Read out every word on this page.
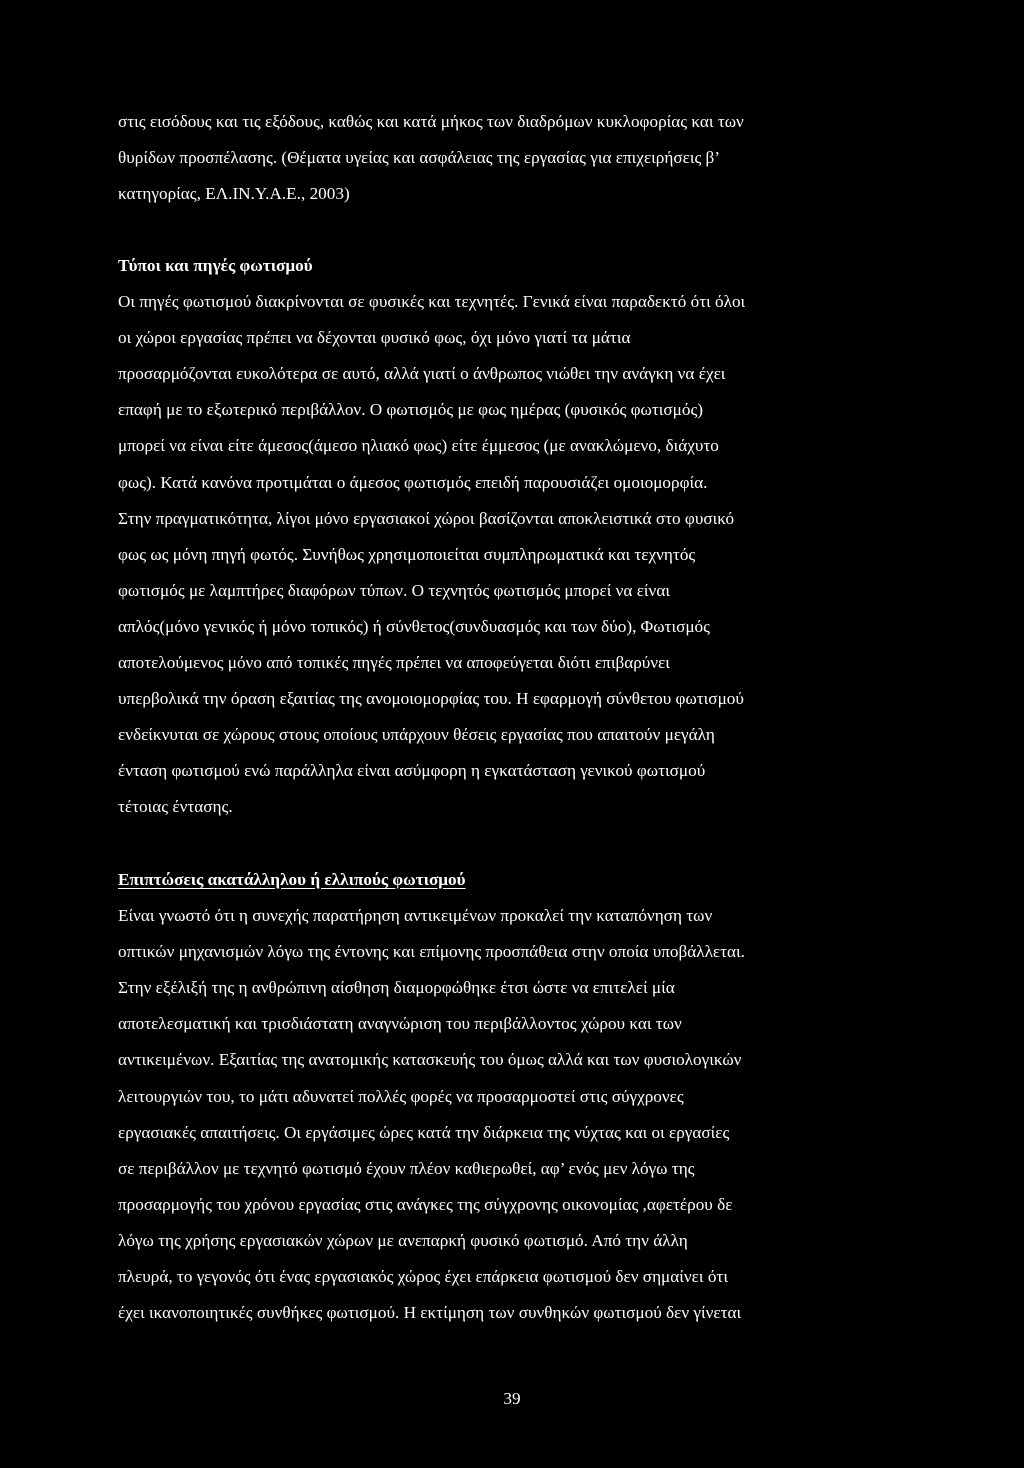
στις εισόδους και τις εξόδους, καθώς και κατά μήκος των διαδρόμων κυκλοφορίας και των
θυρίδων προσπέλασης. (Θέματα υγείας και ασφάλειας της εργασίας για επιχειρήσεις β’
κατηγορίας, ΕΛ.ΙΝ.Υ.Α.Ε., 2003)
Τύποι και πηγές φωτισμού
Οι πηγές φωτισμού διακρίνονται σε φυσικές και τεχνητές. Γενικά είναι παραδεκτό ότι όλοι
οι χώροι εργασίας πρέπει να δέχονται φυσικό φως, όχι μόνο γιατί τα μάτια
προσαρμόζονται ευκολότερα σε αυτό, αλλά γιατί ο άνθρωπος νιώθει την ανάγκη να έχει
επαφή με το εξωτερικό περιβάλλον. Ο φωτισμός με φως ημέρας (φυσικός φωτισμός)
μπορεί να είναι είτε άμεσος(άμεσο ηλιακό φως) είτε έμμεσος (με ανακλώμενο, διάχυτο
φως). Κατά κανόνα προτιμάται ο άμεσος φωτισμός επειδή παρουσιάζει ομοιομορφία.
Στην πραγματικότητα, λίγοι μόνο εργασιακοί χώροι βασίζονται αποκλειστικά στο φυσικό
φως ως μόνη πηγή φωτός. Συνήθως χρησιμοποιείται συμπληρωματικά και τεχνητός
φωτισμός με λαμπτήρες διαφόρων τύπων. Ο τεχνητός φωτισμός μπορεί να είναι
απλός(μόνο γενικός ή μόνο τοπικός) ή σύνθετος(συνδυασμός και των δύο), Φωτισμός
αποτελούμενος μόνο από τοπικές πηγές πρέπει να αποφεύγεται διότι επιβαρύνει
υπερβολικά την όραση εξαιτίας της ανομοιομορφίας του. Η εφαρμογή σύνθετου φωτισμού
ενδείκνυται σε χώρους στους οποίους υπάρχουν θέσεις εργασίας που απαιτούν μεγάλη
ένταση φωτισμού ενώ παράλληλα είναι ασύμφορη η εγκατάσταση γενικού φωτισμού
τέτοιας έντασης.
Επιπτώσεις ακατάλληλου ή ελλιπούς φωτισμού
Είναι γνωστό ότι η συνεχής παρατήρηση αντικειμένων προκαλεί την καταπόνηση των
οπτικών μηχανισμών λόγω της έντονης και επίμονης προσπάθεια στην οποία υποβάλλεται.
Στην εξέλιξή της η ανθρώπινη αίσθηση διαμορφώθηκε έτσι ώστε να επιτελεί μία
αποτελεσματική και τρισδιάστατη αναγνώριση του περιβάλλοντος χώρου και των
αντικειμένων. Εξαιτίας της ανατομικής κατασκευής του όμως αλλά και των φυσιολογικών
λειτουργιών του, το μάτι αδυνατεί πολλές φορές να προσαρμοστεί στις σύγχρονες
εργασιακές απαιτήσεις. Οι εργάσιμες ώρες κατά την διάρκεια της νύχτας και οι εργασίες
σε περιβάλλον με τεχνητό φωτισμό έχουν πλέον καθιερωθεί, αφ’ ενός μεν λόγω της
προσαρμογής του χρόνου εργασίας στις ανάγκες της σύγχρονης οικονομίας ,αφετέρου δε
λόγω της χρήσης εργασιακών χώρων με ανεπαρκή φυσικό φωτισμό. Από την άλλη
πλευρά, το γεγονός ότι ένας εργασιακός χώρος έχει επάρκεια φωτισμού δεν σημαίνει ότι
έχει ικανοποιητικές συνθήκες φωτισμού. Η εκτίμηση των συνθηκών φωτισμού δεν γίνεται
39
